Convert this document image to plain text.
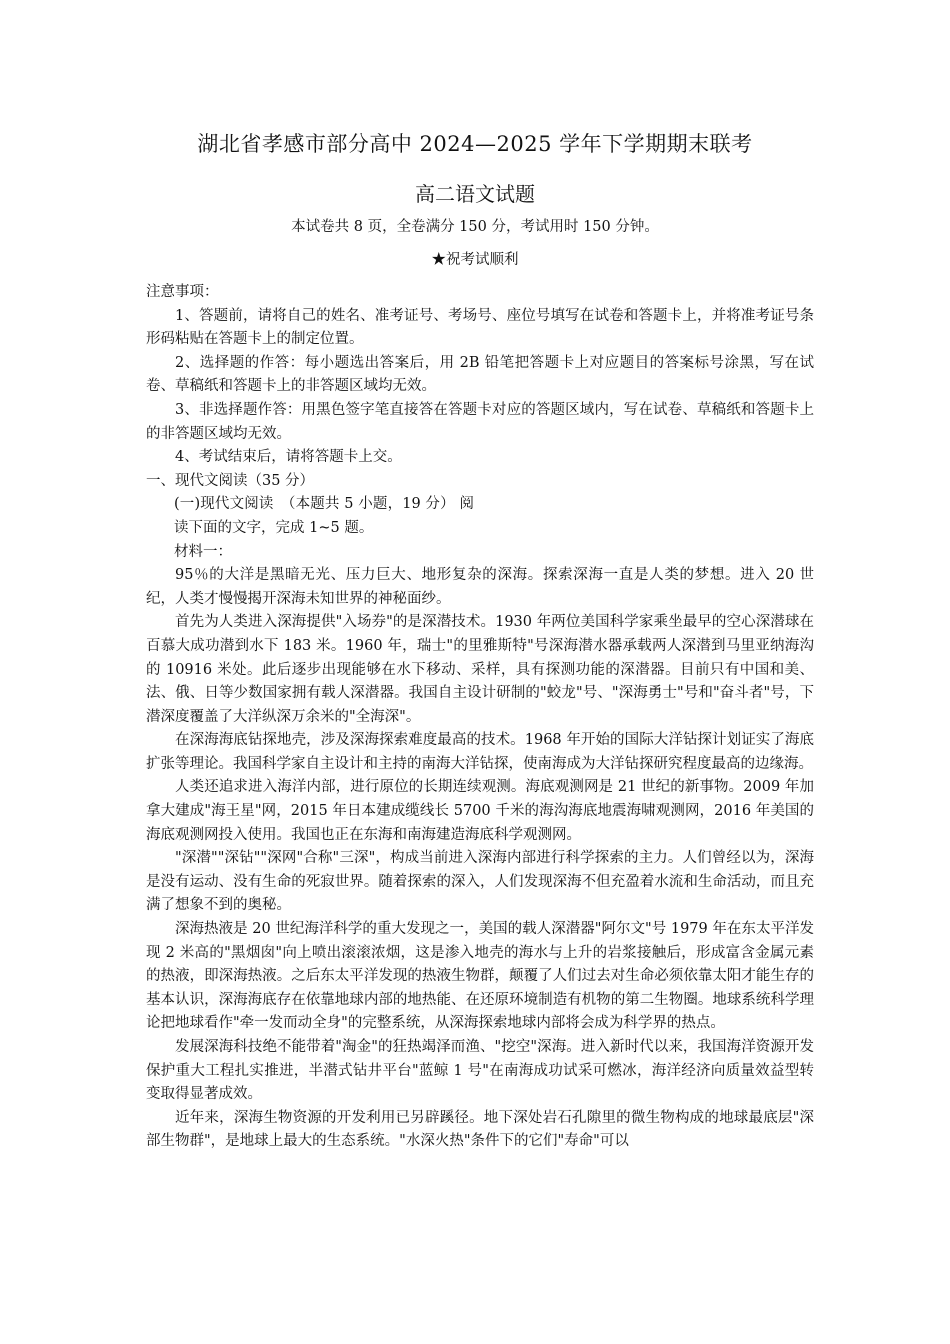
湖北省孝感市部分高中 2024—2025 学年下学期期末联考
高二语文试题
本试卷共 8 页，全卷满分 150 分，考试用时 150 分钟。
★祝考试顺利

注意事项：

1、答题前，请将自己的姓名、准考证号、考场号、座位号填写在试卷和答题卡上，并将准考证号条形码粘贴在答题卡上的制定位置。

2、选择题的作答：每小题选出答案后，用 2B 铅笔把答题卡上对应题目的答案标号涂黑，写在试卷、草稿纸和答题卡上的非答题区域均无效。

3、非选择题作答：用黑色签字笔直接答在答题卡对应的答题区域内，写在试卷、草稿纸和答题卡上的非答题区域均无效。

4、考试结束后，请将答题卡上交。

一、现代文阅读（35 分）

(一)现代文阅读　（本题共 5 小题，19 分） 阅读下面的文字，完成 1~5 题。

材料一：

95％的大洋是黑暗无光、压力巨大、地形复杂的深海。探索深海一直是人类的梦想。进入 20 世纪，人类才慢慢揭开深海未知世界的神秘面纱。

首先为人类进入深海提供"入场券"的是深潜技术。1930 年两位美国科学家乘坐最早的空心深潜球在百慕大成功潜到水下 183 米。1960 年，瑞士"的里雅斯特"号深海潜水器承载两人深潜到马里亚纳海沟的 10916 米处。此后逐步出现能够在水下移动、采样，具有探测功能的深潜器。目前只有中国和美、法、俄、日等少数国家拥有载人深潜器。我国自主设计研制的"蛟龙"号、"深海勇士"号和"奋斗者"号，下潜深度覆盖了大洋纵深万余米的"全海深"。

在深海海底钻探地壳，涉及深海探索难度最高的技术。1968 年开始的国际大洋钻探计划证实了海底扩张等理论。我国科学家自主设计和主持的南海大洋钻探，使南海成为大洋钻探研究程度最高的边缘海。

人类还追求进入海洋内部，进行原位的长期连续观测。海底观测网是 21 世纪的新事物。2009 年加拿大建成"海王星"网，2015 年日本建成缆线长 5700 千米的海沟海底地震海啸观测网，2016 年美国的海底观测网投入使用。我国也正在东海和南海建造海底科学观测网。

"深潜""深钻""深网"合称"三深"，构成当前进入深海内部进行科学探索的主力。人们曾经以为，深海是没有运动、没有生命的死寂世界。随着探索的深入，人们发现深海不但充盈着水流和生命活动，而且充满了想象不到的奥秘。

深海热液是 20 世纪海洋科学的重大发现之一，美国的载人深潜器"阿尔文"号 1979 年在东太平洋发现 2 米高的"黑烟囱"向上喷出滚滚浓烟，这是渗入地壳的海水与上升的岩浆接触后，形成富含金属元素的热液，即深海热液。之后东太平洋发现的热液生物群，颠覆了人们过去对生命必须依靠太阳才能生存的基本认识，深海海底存在依靠地球内部的地热能、在还原环境制造有机物的第二生物圈。地球系统科学理论把地球看作"牵一发而动全身"的完整系统，从深海探索地球内部将会成为科学界的热点。

发展深海科技绝不能带着"淘金"的狂热竭泽而渔、"挖空"深海。进入新时代以来，我国海洋资源开发保护重大工程扎实推进，半潜式钻井平台"蓝鲸 1 号"在南海成功试采可燃冰，海洋经济向质量效益型转变取得显著成效。

近年来，深海生物资源的开发利用已另辟蹊径。地下深处岩石孔隙里的微生物构成的地球最底层"深部生物群"，是地球上最大的生态系统。"水深火热"条件下的它们"寿命"可以
